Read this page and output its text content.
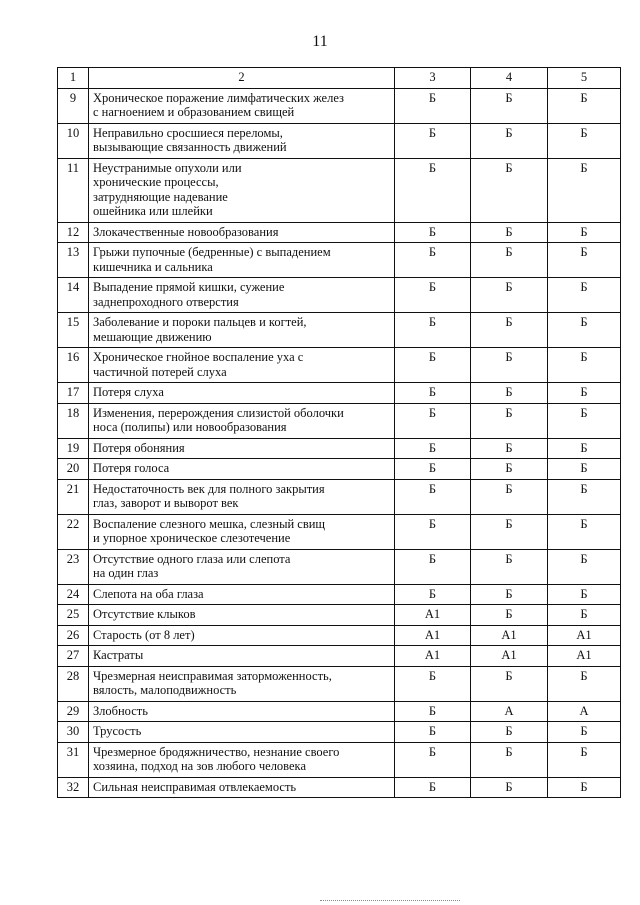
11
1	2	3	4	5
9	Хроническое поражение лимфатических желез
с нагноением и образованием свищей	Б	Б	Б
10	Неправильно сросшиеся переломы,
вызывающие связанность движений	Б	Б	Б
11	Неустранимые опухоли или
хронические процессы,
затрудняющие надевание
ошейника или шлейки	Б	Б	Б
12	Злокачественные новообразования	Б	Б	Б
13	Грыжи пупочные (бедренные) с выпадением
кишечника и сальника	Б	Б	Б
14	Выпадение прямой кишки, сужение
заднепроходного отверстия	Б	Б	Б
15	Заболевание и пороки пальцев и когтей,
мешающие движению	Б	Б	Б
16	Хроническое гнойное воспаление уха с
частичной потерей слуха	Б	Б	Б
17	Потеря слуха	Б	Б	Б
18	Изменения, перерождения слизистой оболочки
носа (полипы) или новообразования	Б	Б	Б
19	Потеря обоняния	Б	Б	Б
20	Потеря голоса	Б	Б	Б
21	Недостаточность век для полного закрытия
глаз, заворот и выворот век	Б	Б	Б
22	Воспаление слезного мешка, слезный свищ
и упорное хроническое слезотечение	Б	Б	Б
23	Отсутствие одного глаза или слепота
на один глаз	Б	Б	Б
24	Слепота на оба глаза	Б	Б	Б
25	Отсутствие клыков	А1	Б	Б
26	Старость (от 8 лет)	А1	А1	А1
27	Кастраты	А1	А1	А1
28	Чрезмерная неисправимая заторможенность,
вялость, малоподвижность	Б	Б	Б
29	Злобность	Б	А	А
30	Трусость	Б	Б	Б
31	Чрезмерное бродяжничество, незнание своего
хозяина, подход на зов любого человека	Б	Б	Б
32	Сильная неисправимая отвлекаемость	Б	Б	Б
